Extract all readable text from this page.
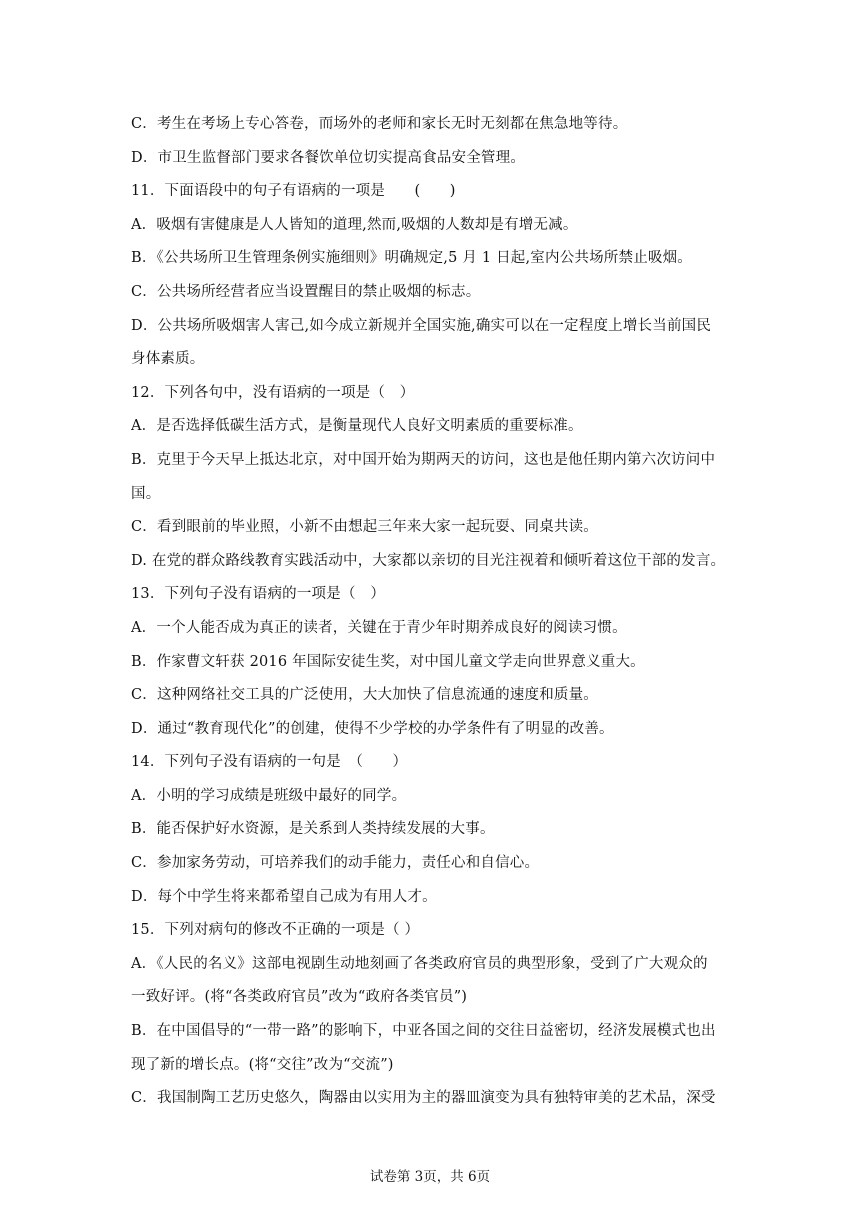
C．考生在考场上专心答卷，而场外的老师和家长无时无刻都在焦急地等待。
D．市卫生监督部门要求各餐饮单位切实提高食品安全管理。
11．下面语段中的句子有语病的一项是　　(　　)
A．吸烟有害健康是人人皆知的道理,然而,吸烟的人数却是有增无减。
B．《公共场所卫生管理条例实施细则》明确规定,5 月 1 日起,室内公共场所禁止吸烟。
C．公共场所经营者应当设置醒目的禁止吸烟的标志。
D．公共场所吸烟害人害己,如今成立新规并全国实施,确实可以在一定程度上增长当前国民
身体素质。
12．下列各句中，没有语病的一项是（　）
A．是否选择低碳生活方式，是衡量现代人良好文明素质的重要标准。
B．克里于今天早上抵达北京，对中国开始为期两天的访问，这也是他任期内第六次访问中
国。
C．看到眼前的毕业照，小新不由想起三年来大家一起玩耍、同桌共读。
D. 在党的群众路线教育实践活动中，大家都以亲切的目光注视着和倾听着这位干部的发言。
13．下列句子没有语病的一项是（　）
A．一个人能否成为真正的读者，关键在于青少年时期养成良好的阅读习惯。
B．作家曹文轩获 2016 年国际安徒生奖，对中国儿童文学走向世界意义重大。
C．这种网络社交工具的广泛使用，大大加快了信息流通的速度和质量。
D．通过“教育现代化”的创建，使得不少学校的办学条件有了明显的改善。
14．下列句子没有语病的一句是　（　　）
A．小明的学习成绩是班级中最好的同学。
B．能否保护好水资源，是关系到人类持续发展的大事。
C．参加家务劳动，可培养我们的动手能力，责任心和自信心。
D．每个中学生将来都希望自己成为有用人才。
15．下列对病句的修改不正确的一项是（ ）
A．《人民的名义》这部电视剧生动地刻画了各类政府官员的典型形象，受到了广大观众的
一致好评。(将“各类政府官员”改为“政府各类官员”)
B．在中国倡导的“一带一路”的影响下，中亚各国之间的交往日益密切，经济发展模式也出
现了新的增长点。(将“交往”改为“交流”)
C．我国制陶工艺历史悠久，陶器由以实用为主的器皿演变为具有独特审美的艺术品，深受
试卷第 3页，共 6页
